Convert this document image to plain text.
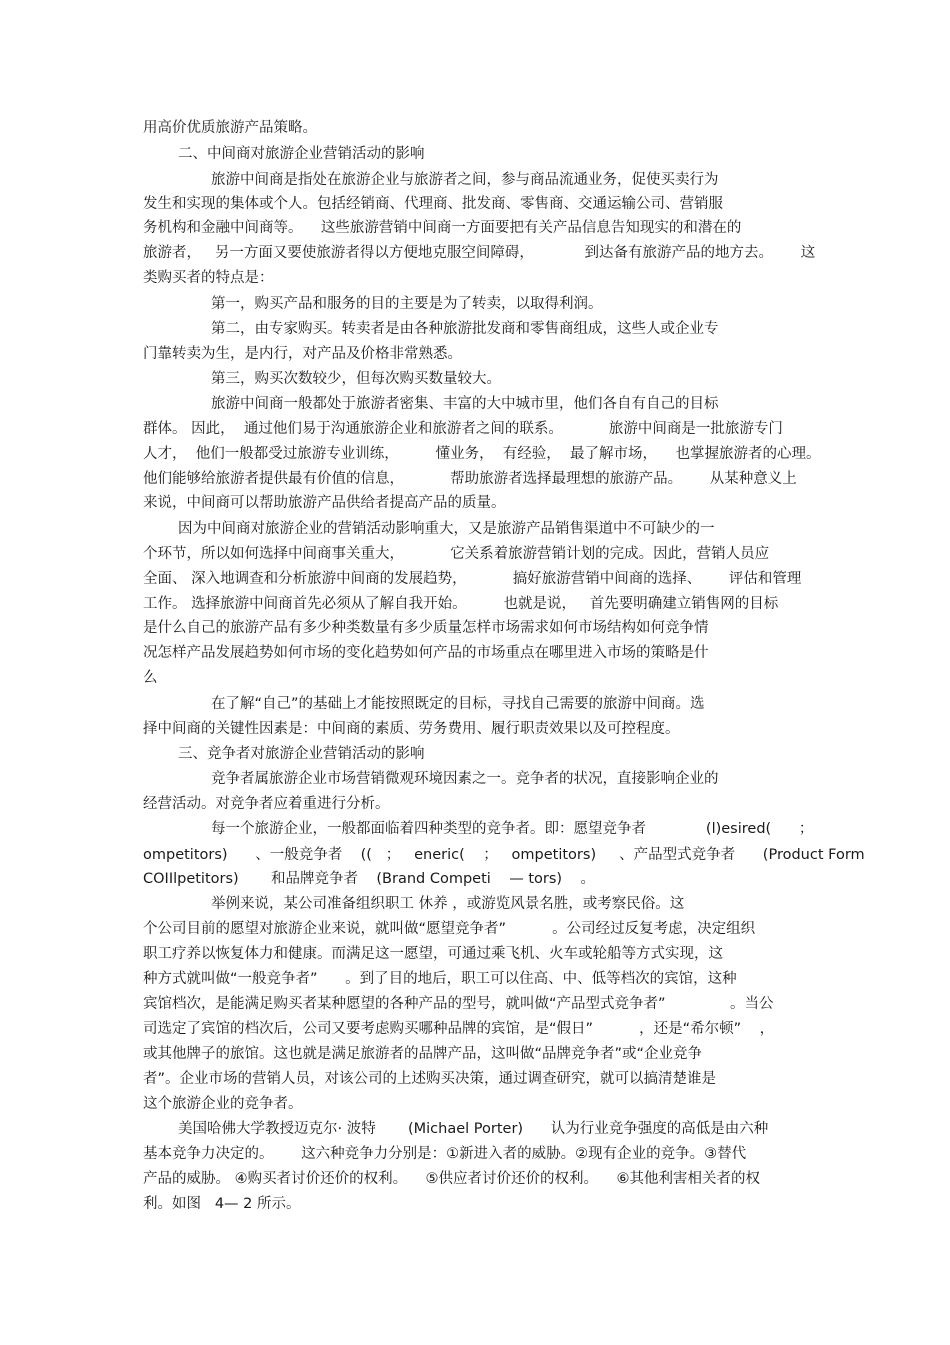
用高价优质旅游产品策略。
二、中间商对旅游企业营销活动的影响
旅游中间商是指处在旅游企业与旅游者之间，参与商品流通业务，促使买卖行为
发生和实现的集体或个人。包括经销商、代理商、批发商、零售商、交通运输公司、营销服
务机构和金融中间商等。    这些旅游营销中间商一方面要把有关产品信息告知现实的和潜在的
旅游者，   另一方面又要使旅游者得以方便地克服空间障碍，           到达备有旅游产品的地方去。      这
类购买者的特点是：
第一，购买产品和服务的目的主要是为了转卖，以取得利润。
第二，由专家购买。转卖者是由各种旅游批发商和零售商组成，这些人或企业专
门靠转卖为生，是内行，对产品及价格非常熟悉。
第三，购买次数较少，但每次购买数量较大。
旅游中间商一般都处于旅游者密集、丰富的大中城市里，他们各自有自己的目标
群体。 因此，  通过他们易于沟通旅游企业和旅游者之间的联系。          旅游中间商是一批旅游专门
人才，  他们一般都受过旅游专业训练，        懂业务，  有经验，  最了解市场，    也掌握旅游者的心理。
他们能够给旅游者提供最有价值的信息，          帮助旅游者选择最理想的旅游产品。      从某种意义上
来说，中间商可以帮助旅游产品供给者提高产品的质量。
因为中间商对旅游企业的营销活动影响重大，又是旅游产品销售渠道中不可缺少的一
个环节，所以如何选择中间商事关重大，          它关系着旅游营销计划的完成。因此，营销人员应
全面、 深入地调查和分析旅游中间商的发展趋势，          搞好旅游营销中间商的选择、      评估和管理
工作。 选择旅游中间商首先必须从了解自我开始。        也就是说，   首先要明确建立销售网的目标
是什么自己的旅游产品有多少种类数量有多少质量怎样市场需求如何市场结构如何竞争情
况怎样产品发展趋势如何市场的变化趋势如何产品的市场重点在哪里进入市场的策略是什
么
在了解“自己”的基础上才能按照既定的目标，寻找自己需要的旅游中间商。选
择中间商的关键性因素是：中间商的素质、劳务费用、履行职责效果以及可控程度。
三、竞争者对旅游企业营销活动的影响
竞争者属旅游企业市场营销微观环境因素之一。竞争者的状况，直接影响企业的
经营活动。对竞争者应着重进行分析。
每一个旅游企业，一般都面临着四种类型的竞争者。即：愿望竞争者             (l)esired(      ；
ompetitors)      、一般竞争者    ((   ；   eneric(    ；   ompetitors)     、产品型式竞争者      (Product Form
COIIlpetitors)       和品牌竞争者    (Brand Competi    — tors)    。
举例来说，某公司准备组织职工 休养 ，或游览风景名胜，或考察民俗。这
个公司目前的愿望对旅游企业来说，就叫做“愿望竞争者”          。公司经过反复考虑，决定组织
职工疗养以恢复体力和健康。而满足这一愿望，可通过乘飞机、火车或轮船等方式实现，这
种方式就叫做“一般竞争者”      。到了目的地后，职工可以住高、中、低等档次的宾馆，这种
宾馆档次，是能满足购买者某种愿望的各种产品的型号，就叫做“产品型式竞争者”              。当公
司选定了宾馆的档次后，公司又要考虑购买哪种品牌的宾馆，是“假日”          ，还是“希尔顿”    ，
或其他牌子的旅馆。这也就是满足旅游者的品牌产品，这叫做“品牌竞争者”或“企业竞争
者”。企业市场的营销人员，对该公司的上述购买决策，通过调查研究，就可以搞清楚谁是
这个旅游企业的竞争者。
美国哈佛大学教授迈克尔· 波特       (Michael Porter)      认为行业竞争强度的高低是由六种
基本竞争力决定的。      这六种竞争力分别是：①新进入者的威胁。②现有企业的竞争。③替代
产品的威胁。 ④购买者讨价还价的权利。    ⑤供应者讨价还价的权利。    ⑥其他利害相关者的权
利。如图   4— 2 所示。
